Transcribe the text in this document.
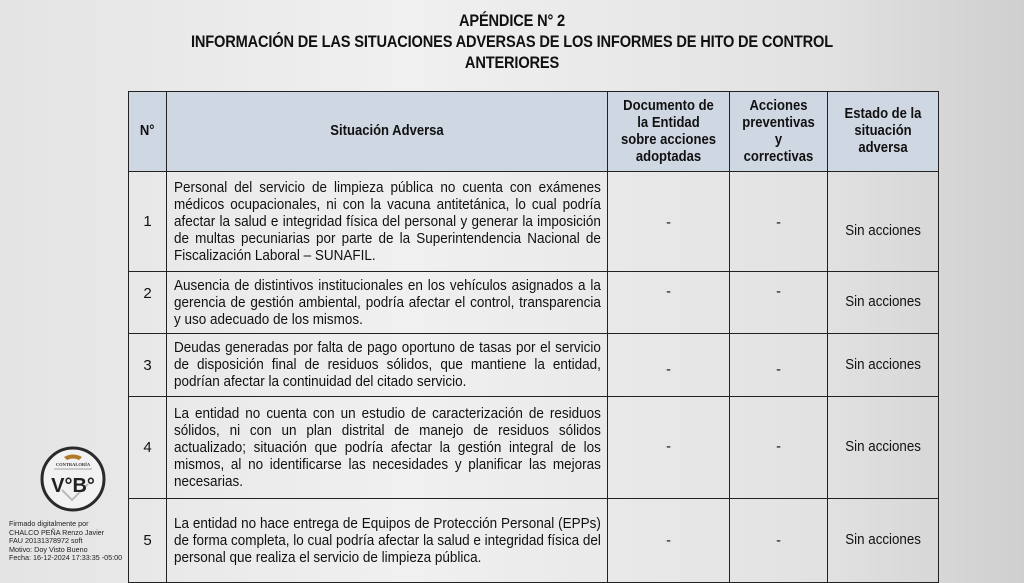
APÉNDICE N° 2
INFORMACIÓN DE LAS SITUACIONES ADVERSAS DE LOS INFORMES DE HITO DE CONTROL
ANTERIORES
N°	Situación Adversa	Documento de la Entidad sobre acciones adoptadas	Acciones preventivas y correctivas	Estado de la situación adversa
1	Personal del servicio de limpieza pública no cuenta con exámenes médicos ocupacionales, ni con la vacuna antitetánica, lo cual podría afectar la salud e integridad física del personal y generar la imposición de multas pecuniarias por parte de la Superintendencia Nacional de Fiscalización Laboral – SUNAFIL.	-	-	Sin acciones
2	Ausencia de distintivos institucionales en los vehículos asignados a la gerencia de gestión ambiental, podría afectar el control, transparencia y uso adecuado de los mismos.	-	-	Sin acciones
3	Deudas generadas por falta de pago oportuno de tasas por el servicio de disposición final de residuos sólidos, que mantiene la entidad, podrían afectar la continuidad del citado servicio.	-	-	Sin acciones
4	La entidad no cuenta con un estudio de caracterización de residuos sólidos, ni con un plan distrital de manejo de residuos sólidos actualizado; situación que podría afectar la gestión integral de los mismos, al no identificarse las necesidades y planificar las mejoras necesarias.	-	-	Sin acciones
5	La entidad no hace entrega de Equipos de Protección Personal (EPPs) de forma completa, lo cual podría afectar la salud e integridad física del personal que realiza el servicio de limpieza pública.	-	-	Sin acciones
CONTRALORÍA
V°B°
Firmado digitalmente por
CHALCO PEÑA Renzo Javier
FAU 20131378972 soft
Motivo: Doy Visto Bueno
Fecha: 16-12-2024 17:33:35 -05:00
